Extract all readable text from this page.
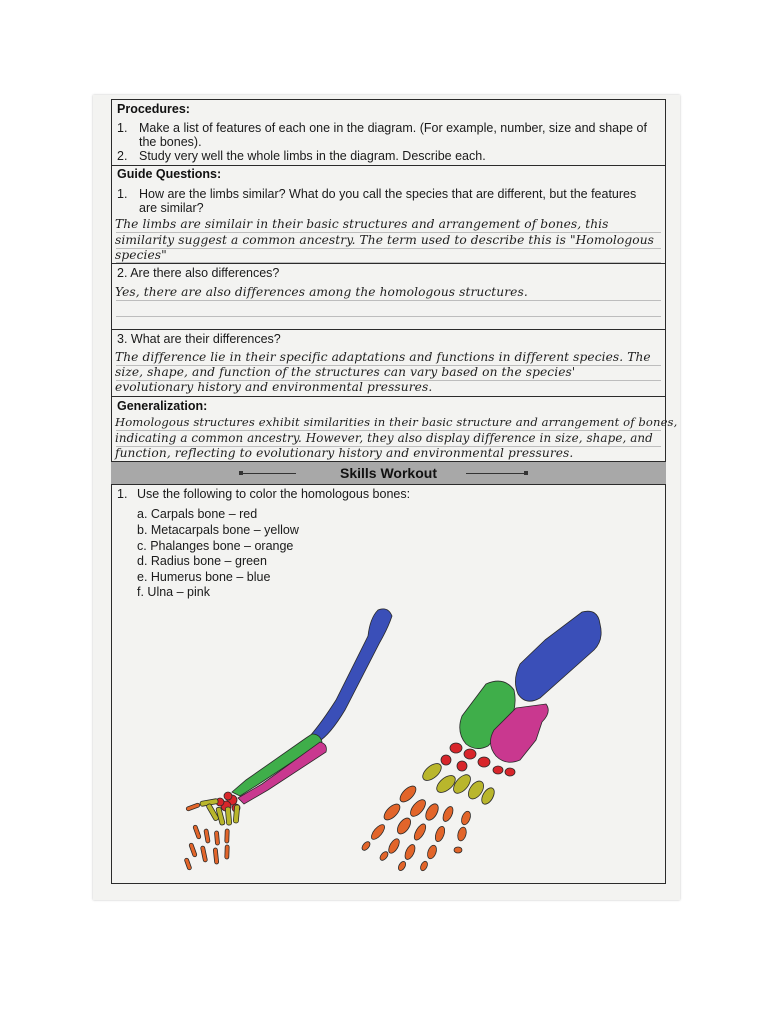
Procedures:
1. Make a list of features of each one in the diagram. (For example, number, size and shape of
the bones).
2. Study very well the whole limbs in the diagram. Describe each.
Guide Questions:
1. How are the limbs similar? What do you call the species that are different, but the features
are similar?
The limbs are similair in their basic structures and arrangement of bones, this
similarity suggest a common ancestry. The term used to describe this is "Homologous
species"
2. Are there also differences?
Yes, there are also differences among the homologous structures.
3. What are their differences?
The difference lie in their specific adaptations and functions in different species. The
size, shape, and function of the structures can vary based on the species'
evolutionary history and environmental pressures.
Generalization:
Homologous structures exhibit similarities in their basic structure and arrangement of bones,
indicating a common ancestry. However, they also display difference in size, shape, and
function, reflecting to evolutionary history and environmental pressures.
Skills Workout
1. Use the following to color the homologous bones:
a. Carpals bone – red
b. Metacarpals bone – yellow
c. Phalanges bone – orange
d. Radius bone – green
e. Humerus bone – blue
f. Ulna – pink
